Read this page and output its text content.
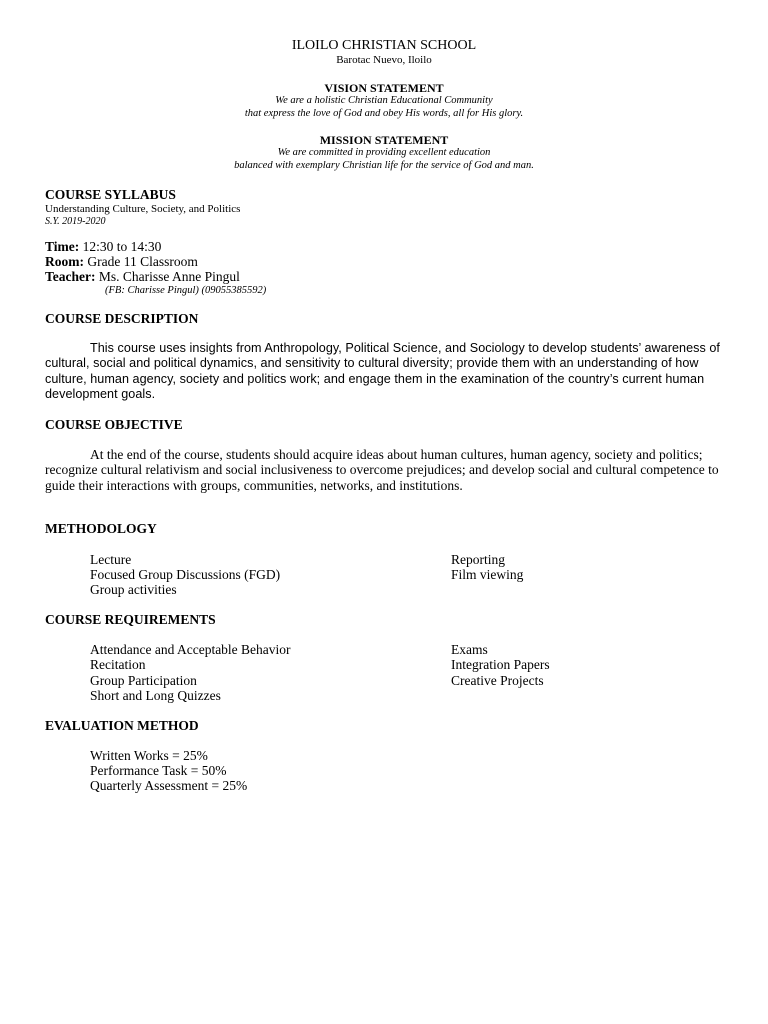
ILOILO CHRISTIAN SCHOOL
Barotac Nuevo, Iloilo
VISION STATEMENT
We are a holistic Christian Educational Community
that express the love of God and obey His words, all for His glory.
MISSION STATEMENT
We are committed in providing excellent education
balanced with exemplary Christian life for the service of God and man.
COURSE SYLLABUS
Understanding Culture, Society, and Politics
S.Y. 2019-2020
Time: 12:30 to 14:30
Room: Grade 11 Classroom
Teacher: Ms. Charisse Anne Pingul
(FB: Charisse Pingul) (09055385592)
COURSE DESCRIPTION
This course uses insights from Anthropology, Political Science, and Sociology to develop students’ awareness of cultural, social and political dynamics, and sensitivity to cultural diversity; provide them with an understanding of how culture, human agency, society and politics work; and engage them in the examination of the country’s current human development goals.
COURSE OBJECTIVE
At the end of the course, students should acquire ideas about human cultures, human agency, society and politics; recognize cultural relativism and social inclusiveness to overcome prejudices; and develop social and cultural competence to guide their interactions with groups, communities, networks, and institutions.
METHODOLOGY
Lecture
Focused Group Discussions (FGD)
Group activities
Reporting
Film viewing
COURSE REQUIREMENTS
Attendance and Acceptable Behavior
Recitation
Group Participation
Short and Long Quizzes
Exams
Integration Papers
Creative Projects
EVALUATION METHOD
Written Works = 25%
Performance Task = 50%
Quarterly Assessment = 25%
